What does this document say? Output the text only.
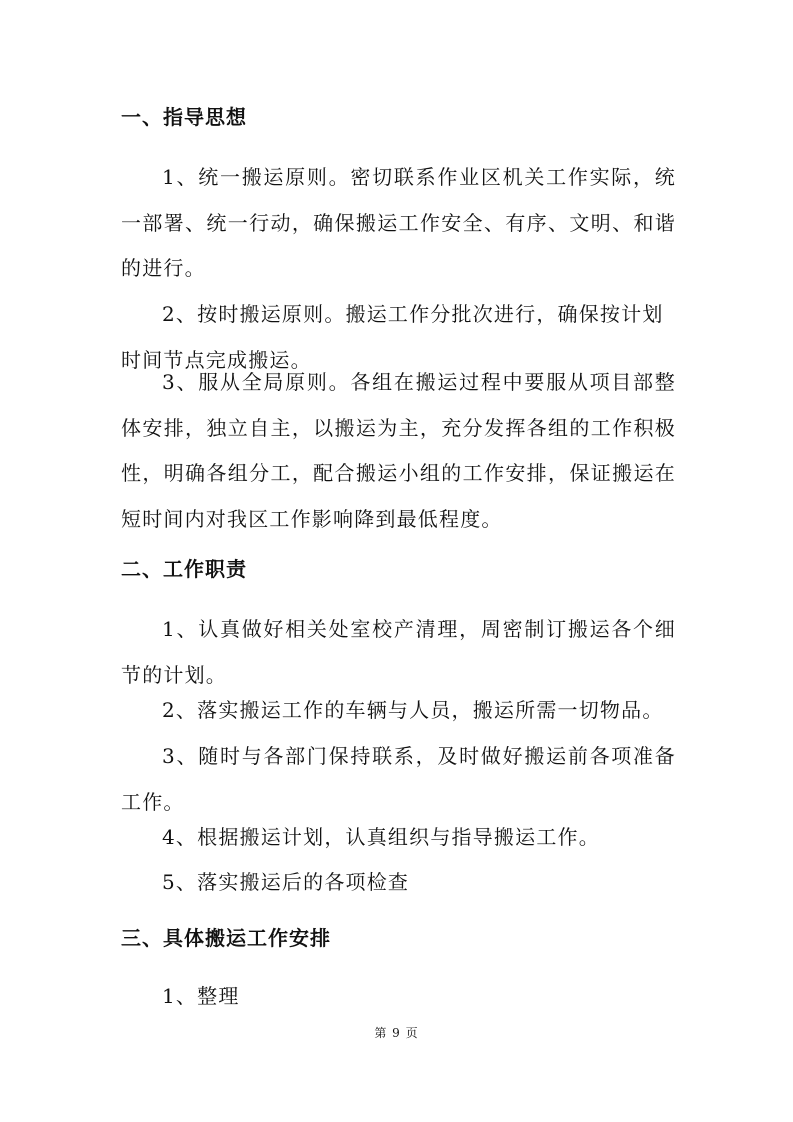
一、指导思想
1、统一搬运原则。密切联系作业区机关工作实际，统一部署、统一行动，确保搬运工作安全、有序、文明、和谐的进行。
2、按时搬运原则。搬运工作分批次进行，确保按计划时间节点完成搬运。
3、服从全局原则。各组在搬运过程中要服从项目部整体安排，独立自主，以搬运为主，充分发挥各组的工作积极性，明确各组分工，配合搬运小组的工作安排，保证搬运在短时间内对我区工作影响降到最低程度。
二、工作职责
1、认真做好相关处室校产清理，周密制订搬运各个细节的计划。
2、落实搬运工作的车辆与人员，搬运所需一切物品。
3、随时与各部门保持联系，及时做好搬运前各项准备工作。
4、根据搬运计划，认真组织与指导搬运工作。
5、落实搬运后的各项检查
三、具体搬运工作安排
1、整理
第 9 页
